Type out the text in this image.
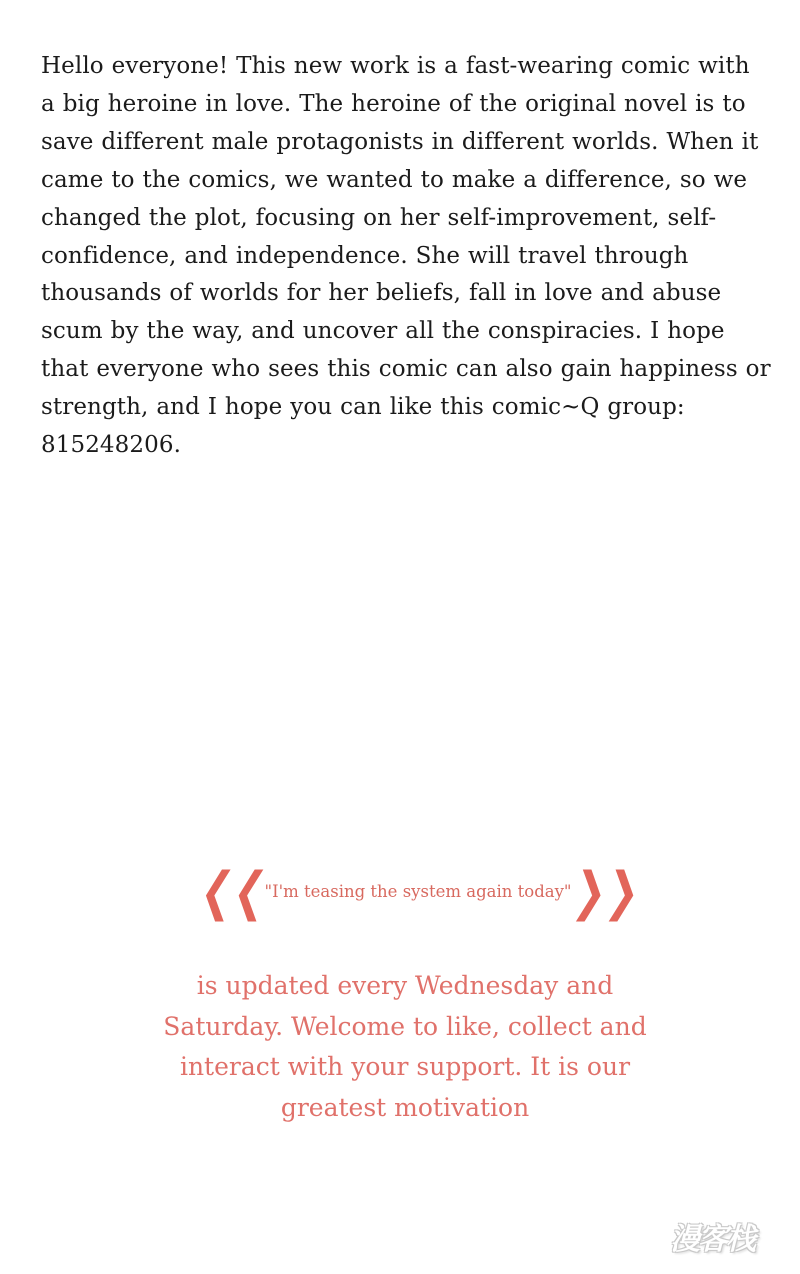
Hello everyone! This new work is a fast-wearing comic with a big heroine in love. The heroine of the original novel is to save different male protagonists in different worlds. When it came to the comics, we wanted to make a difference, so we changed the plot, focusing on her self-improvement, self-confidence, and independence. She will travel through thousands of worlds for her beliefs, fall in love and abuse scum by the way, and uncover all the conspiracies. I hope that everyone who sees this comic can also gain happiness or strength, and I hope you can like this comic~Q group: 815248206.

❮❮
"I'm teasing the system again today"
❯❯

is updated every Wednesday and Saturday. Welcome to like, collect and interact with your support. It is our greatest motivation

漫客栈
